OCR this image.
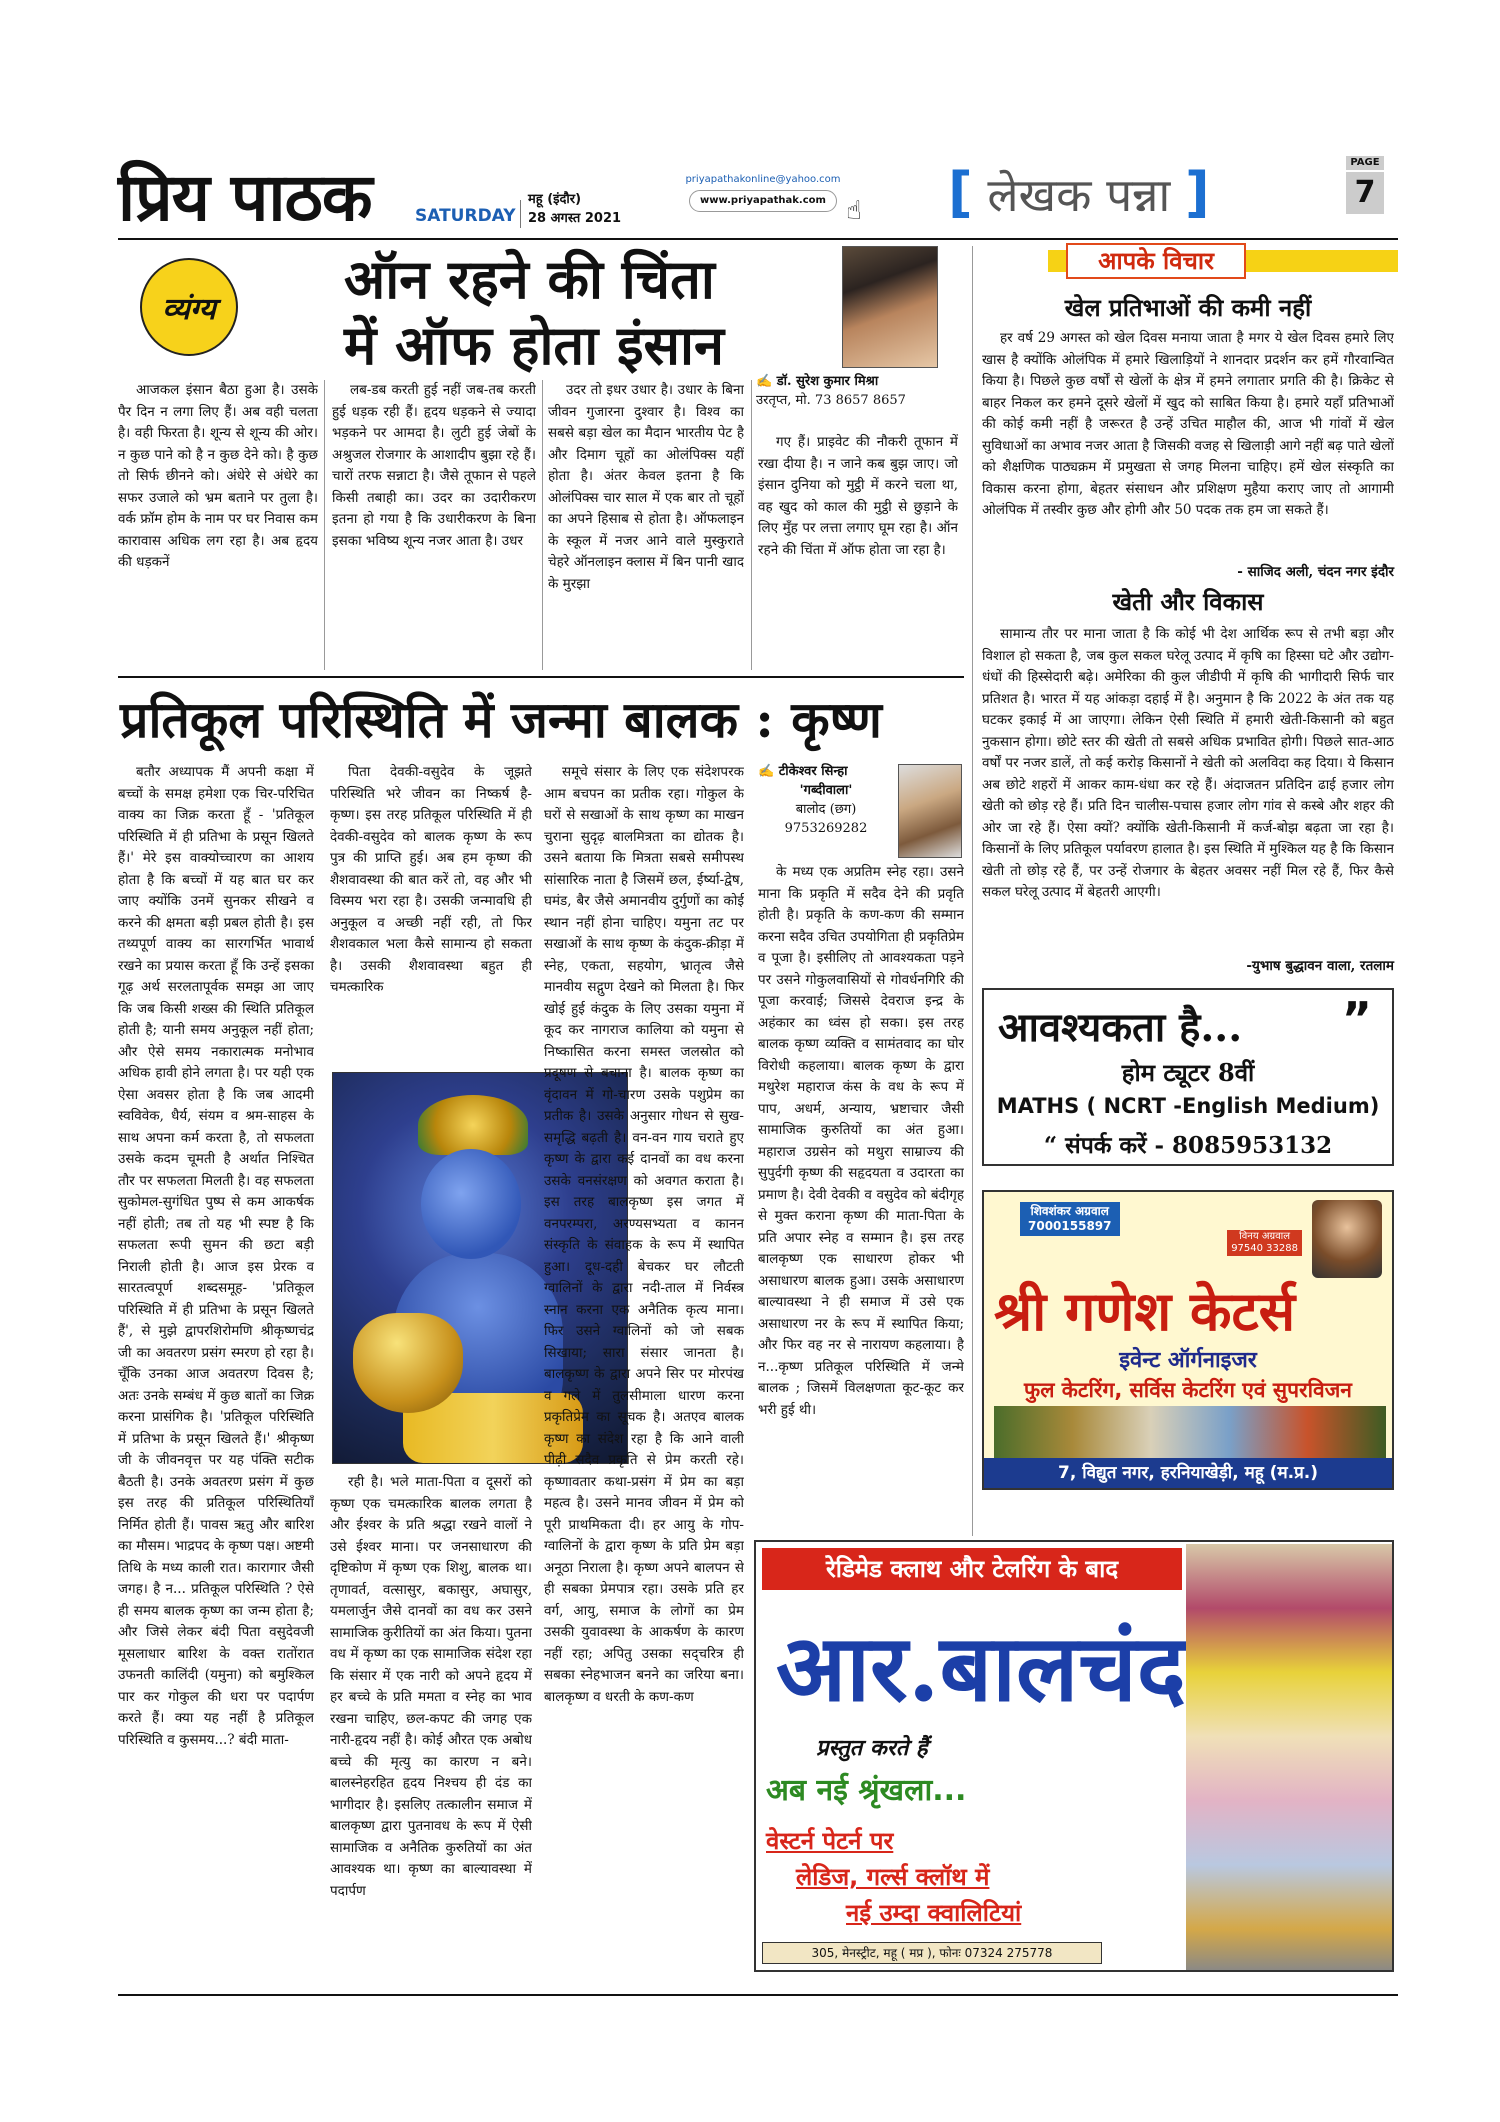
प्रिय पाठक	SATURDAY
महू (इंदौर)
28 अगस्त 2021
priyapathakonline@yahoo.com
www.priyapathak.com ☝ [ लेखक पन्ना ]	PAGE
7
व्यंग्य	ऑन रहने की चिंता
में ऑफ होता इंसान
✍ डॉ. सुरेश कुमार मिश्रा
उरतृप्त, मो. 73 8657 8657

आजकल इंसान बैठा हुआ है। उसके पैर दिन न लगा लिए हैं। अब वही चलता है। वही फिरता है। शून्य से शून्य की ओर। न कुछ पाने को है न कुछ देने को। है कुछ तो सिर्फ छीनने को। अंधेरे से अंधेरे का सफर उजाले को भ्रम बताने पर तुला है। वर्क फ्रॉम होम के नाम पर घर निवास कम कारावास अधिक लग रहा है। अब हृदय की धड़कनें

लब-डब करती हुई नहीं जब-तब करती हुई धड़क रही हैं। हृदय धड़कने से ज्यादा भड़कने पर आमदा है। लुटी हुई जेबों के अश्रुजल रोजगार के आशादीप बुझा रहे हैं। चारों तरफ सन्नाटा है। जैसे तूफान से पहले किसी तबाही का। उदर का उदारीकरण इतना हो गया है कि उधारीकरण के बिना इसका भविष्य शून्य नजर आता है। उधर

उदर तो इधर उधार है। उधार के बिना जीवन गुजारना दुश्वार है। विश्व का सबसे बड़ा खेल का मैदान भारतीय पेट है और दिमाग चूहों का ओलंपिक्स यहीं होता है। अंतर केवल इतना है कि ओलंपिक्स चार साल में एक बार तो चूहों का अपने हिसाब से होता है। ऑफलाइन के स्कूल में नजर आने वाले मुस्कुराते चेहरे ऑनलाइन क्लास में बिन पानी खाद के मुरझा

गए हैं। प्राइवेट की नौकरी तूफान में रखा दीया है। न जाने कब बुझ जाए। जो इंसान दुनिया को मुट्ठी में करने चला था, वह खुद को काल की मुट्ठी से छुड़ाने के लिए मुँह पर लत्ता लगाए घूम रहा है। ऑन रहने की चिंता में ऑफ होता जा रहा है।

प्रतिकूल परिस्थिति में जन्मा बालक : कृष्ण
✍ टीकेश्वर सिन्हा
'गब्दीवाला'
बालोद (छग)
9753269282

बतौर अध्यापक मैं अपनी कक्षा में बच्चों के समक्ष हमेशा एक चिर-परिचित वाक्य का जिक्र करता हूँ - 'प्रतिकूल परिस्थिति में ही प्रतिभा के प्रसून खिलते हैं।' मेरे इस वाक्योच्चारण का आशय होता है कि बच्चों में यह बात घर कर जाए क्योंकि उनमें सुनकर सीखने व करने की क्षमता बड़ी प्रबल होती है। इस तथ्यपूर्ण वाक्य का सारगर्भित भावार्थ रखने का प्रयास करता हूँ कि उन्हें इसका गूढ़ अर्थ सरलतापूर्वक समझ आ जाए कि जब किसी शख्स की स्थिति प्रतिकूल होती है; यानी समय अनुकूल नहीं होता; और ऐसे समय नकारात्मक मनोभाव अधिक हावी होने लगता है। पर यही एक ऐसा अवसर होता है कि जब आदमी स्वविवेक, धैर्य, संयम व श्रम-साहस के साथ अपना कर्म करता है, तो सफलता उसके कदम चूमती है अर्थात निश्चित तौर पर सफलता मिलती है। वह सफलता सुकोमल-सुगंधित पुष्प से कम आकर्षक नहीं होती; तब तो यह भी स्पष्ट है कि सफलता रूपी सुमन की छटा बड़ी निराली होती है। आज इस प्रेरक व सारतत्वपूर्ण शब्दसमूह- 'प्रतिकूल परिस्थिति में ही प्रतिभा के प्रसून खिलते हैं', से मुझे द्वापरशिरोमणि श्रीकृष्णचंद्र जी का अवतरण प्रसंग स्मरण हो रहा है। चूँकि उनका आज अवतरण दिवस है; अतः उनके सम्बंध में कुछ बातों का जिक्र करना प्रासंगिक है। 'प्रतिकूल परिस्थिति में प्रतिभा के प्रसून खिलते हैं।' श्रीकृष्ण जी के जीवनवृत्त पर यह पंक्ति सटीक बैठती है। उनके अवतरण प्रसंग में कुछ इस तरह की प्रतिकूल परिस्थितियाँ निर्मित होती हैं। पावस ऋतु और बारिश का मौसम। भाद्रपद के कृष्ण पक्ष। अष्टमी तिथि के मध्य काली रात। कारागार जैसी जगह। है न... प्रतिकूल परिस्थिति ? ऐसे ही समय बालक कृष्ण का जन्म होता है; और जिसे लेकर बंदी पिता वसुदेवजी मूसलाधार बारिश के वक्त रातोंरात उफनती कालिंदी (यमुना) को बमुश्किल पार कर गोकुल की धरा पर पदार्पण करते हैं। क्या यह नहीं है प्रतिकूल परिस्थिति व कुसमय...? बंदी माता-

पिता देवकी-वसुदेव के जूझते परिस्थिति भरे जीवन का निष्कर्ष है- कृष्ण। इस तरह प्रतिकूल परिस्थिति में ही देवकी-वसुदेव को बालक कृष्ण के रूप पुत्र की प्राप्ति हुई। अब हम कृष्ण की शैशवावस्था की बात करें तो, वह और भी विस्मय भरा रहा है। उसकी जन्मावधि ही अनुकूल व अच्छी नहीं रही, तो फिर शैशवकाल भला कैसे सामान्य हो सकता है। उसकी शैशवावस्था बहुत ही चमत्कारिक

रही है। भले माता-पिता व दूसरों को कृष्ण एक चमत्कारिक बालक लगता है और ईश्वर के प्रति श्रद्धा रखने वालों ने उसे ईश्वर माना। पर जनसाधारण की दृष्टिकोण में कृष्ण एक शिशु, बालक था। तृणावर्त, वत्सासुर, बकासुर, अघासुर, यमलार्जुन जैसे दानवों का वध कर उसने सामाजिक कुरीतियों का अंत किया। पुतना वध में कृष्ण का एक सामाजिक संदेश रहा कि संसार में एक नारी को अपने हृदय में हर बच्चे के प्रति ममता व स्नेह का भाव रखना चाहिए, छल-कपट की जगह एक नारी-हृदय नहीं है। कोई औरत एक अबोध बच्चे की मृत्यु का कारण न बने। बालस्नेहरहित हृदय निश्चय ही दंड का भागीदार है। इसलिए तत्कालीन समाज में बालकृष्ण द्वारा पुतनावध के रूप में ऐसी सामाजिक व अनैतिक कुरुतियों का अंत आवश्यक था। कृष्ण का बाल्यावस्था में पदार्पण

समूचे संसार के लिए एक संदेशपरक आम बचपन का प्रतीक रहा। गोकुल के घरों से सखाओं के साथ कृष्ण का माखन चुराना सुदृढ़ बालमित्रता का द्योतक है। उसने बताया कि मित्रता सबसे समीपस्थ सांसारिक नाता है जिसमें छल, ईर्ष्या-द्वेष, घमंड, बैर जैसे अमानवीय दुर्गुणों का कोई स्थान नहीं होना चाहिए। यमुना तट पर सखाओं के साथ कृष्ण के कंदुक-क्रीड़ा में स्नेह, एकता, सहयोग, भ्रातृत्व जैसे मानवीय सद्गुण देखने को मिलता है। फिर खोई हुई कंदुक के लिए उसका यमुना में कूद कर नागराज कालिया को यमुना से निष्कासित करना समस्त जलस्रोत को प्रदूषण से बचाना है। बालक कृष्ण का वृंदावन में गो-चारण उसके पशुप्रेम का प्रतीक है। उसके अनुसार गोधन से सुख-समृद्धि बढ़ती है। वन-वन गाय चराते हुए कृष्ण के द्वारा कई दानवों का वध करना उसके वनसंरक्षण को अवगत कराता है। इस तरह बालकृष्ण इस जगत में वनपरम्परा, अरण्यसभ्यता व कानन संस्कृति के संवाहक के रूप में स्थापित हुआ। दूध-दही बेचकर घर लौटती ग्वालिनों के द्वारा नदी-ताल में निर्वस्त्र स्नान करना एक अनैतिक कृत्य माना। फिर उसने ग्वालिनों को जो सबक सिखाया; सारा संसार जानता है। बालकृष्ण के द्वारा अपने सिर पर मोरपंख व गले में तुलसीमाला धारण करना प्रकृतिप्रेम का सूचक है। अतएव बालक कृष्ण का संदेश रहा है कि आने वाली पीढ़ी सदैव प्रकृति से प्रेम करती रहे। कृष्णावतार कथा-प्रसंग में प्रेम का बड़ा महत्व है। उसने मानव जीवन में प्रेम को पूरी प्राथमिकता दी। हर आयु के गोप-ग्वालिनों के द्वारा कृष्ण के प्रति प्रेम बड़ा अनूठा निराला है। कृष्ण अपने बालपन से ही सबका प्रेमपात्र रहा। उसके प्रति हर वर्ग, आयु, समाज के लोगों का प्रेम उसकी युवावस्था के आकर्षण के कारण नहीं रहा; अपितु उसका सद्चरित्र ही सबका स्नेहभाजन बनने का जरिया बना। बालकृष्ण व धरती के कण-कण

के मध्य एक अप्रतिम स्नेह रहा। उसने माना कि प्रकृति में सदैव देने की प्रवृति होती है। प्रकृति के कण-कण की सम्मान करना सदैव उचित उपयोगिता ही प्रकृतिप्रेम व पूजा है। इसीलिए तो आवश्यकता पड़ने पर उसने गोकुलवासियों से गोवर्धनगिरि की पूजा करवाई; जिससे देवराज इन्द्र के अहंकार का ध्वंस हो सका। इस तरह बालक कृष्ण व्यक्ति व सामंतवाद का घोर विरोधी कहलाया। बालक कृष्ण के द्वारा मथुरेश महाराज कंस के वध के रूप में पाप, अधर्म, अन्याय, भ्रष्टाचार जैसी सामाजिक कुरुतियों का अंत हुआ। महाराज उग्रसेन को मथुरा साम्राज्य की सुपुर्दगी कृष्ण की सहृदयता व उदारता का प्रमाण है। देवी देवकी व वसुदेव को बंदीगृह से मुक्त कराना कृष्ण की माता-पिता के प्रति अपार स्नेह व सम्मान है। इस तरह बालकृष्ण एक साधारण होकर भी असाधारण बालक हुआ। उसके असाधारण बाल्यावस्था ने ही समाज में उसे एक असाधारण नर के रूप में स्थापित किया; और फिर वह नर से नारायण कहलाया। है न...कृष्ण प्रतिकूल परिस्थिति में जन्मे बालक ; जिसमें विलक्षणता कूट-कूट कर भरी हुई थी।

आपके विचार
खेल प्रतिभाओं की कमी नहीं

हर वर्ष 29 अगस्त को खेल दिवस मनाया जाता है मगर ये खेल दिवस हमारे लिए खास है क्योंकि ओलंपिक में हमारे खिलाड़ियों ने शानदार प्रदर्शन कर हमें गौरवान्वित किया है। पिछले कुछ वर्षों से खेलों के क्षेत्र में हमने लगातार प्रगति की है। क्रिकेट से बाहर निकल कर हमने दूसरे खेलों में खुद को साबित किया है। हमारे यहाँ प्रतिभाओं की कोई कमी नहीं है जरूरत है उन्हें उचित माहौल की, आज भी गांवों में खेल सुविधाओं का अभाव नजर आता है जिसकी वजह से खिलाड़ी आगे नहीं बढ़ पाते खेलों को शैक्षणिक पाठ्यक्रम में प्रमुखता से जगह मिलना चाहिए। हमें खेल संस्कृति का विकास करना होगा, बेहतर संसाधन और प्रशिक्षण मुहैया कराए जाए तो आगामी ओलंपिक में तस्वीर कुछ और होगी और 50 पदक तक हम जा सकते हैं।

- साजिद अली, चंदन नगर इंदौर
खेती और विकास

सामान्य तौर पर माना जाता है कि कोई भी देश आर्थिक रूप से तभी बड़ा और विशाल हो सकता है, जब कुल सकल घरेलू उत्पाद में कृषि का हिस्सा घटे और उद्योग-धंधों की हिस्सेदारी बढ़े। अमेरिका की कुल जीडीपी में कृषि की भागीदारी सिर्फ चार प्रतिशत है। भारत में यह आंकड़ा दहाई में है। अनुमान है कि 2022 के अंत तक यह घटकर इकाई में आ जाएगा। लेकिन ऐसी स्थिति में हमारी खेती-किसानी को बहुत नुकसान होगा। छोटे स्तर की खेती तो सबसे अधिक प्रभावित होगी। पिछले सात-आठ वर्षों पर नजर डालें, तो कई करोड़ किसानों ने खेती को अलविदा कह दिया। ये किसान अब छोटे शहरों में आकर काम-धंधा कर रहे हैं। अंदाजतन प्रतिदिन ढाई हजार लोग खेती को छोड़ रहे हैं। प्रति दिन चालीस-पचास हजार लोग गांव से कस्बे और शहर की ओर जा रहे हैं। ऐसा क्यों? क्योंकि खेती-किसानी में कर्ज-बोझ बढ़ता जा रहा है। किसानों के लिए प्रतिकूल पर्यावरण हालात है। इस स्थिति में मुश्किल यह है कि किसान खेती तो छोड़ रहे हैं, पर उन्हें रोजगार के बेहतर अवसर नहीं मिल रहे हैं, फिर कैसे सकल घरेलू उत्पाद में बेहतरी आएगी।

-युभाष बुद्धावन वाला, रतलाम
आवश्यकता है... ”
होम ट्यूटर 8वीं
MATHS ( NCRT -English Medium)
“ संपर्क करें - 8085953132
शिवशंकर अग्रवाल
7000155897
विनय अग्रवाल
97540 33288
श्री गणेश केटर्स
इवेन्ट ऑर्गनाइजर
फुल केटरिंग, सर्विस केटरिंग एवं सुपरविजन
7, विद्युत नगर, हरनियाखेड़ी, महू (म.प्र.)
रेडिमेड क्लाथ और टेलरिंग के बाद
आर.बालचंद
प्रस्तुत करते हैं
अब नई श्रृंखला...
वेस्टर्न पेटर्न पर
लेडिज, गर्ल्स क्लॉथ में
नई उम्दा क्वालिटियां
305, मेनस्ट्रीट, महू ( मप्र ), फोनः 07324 275778
